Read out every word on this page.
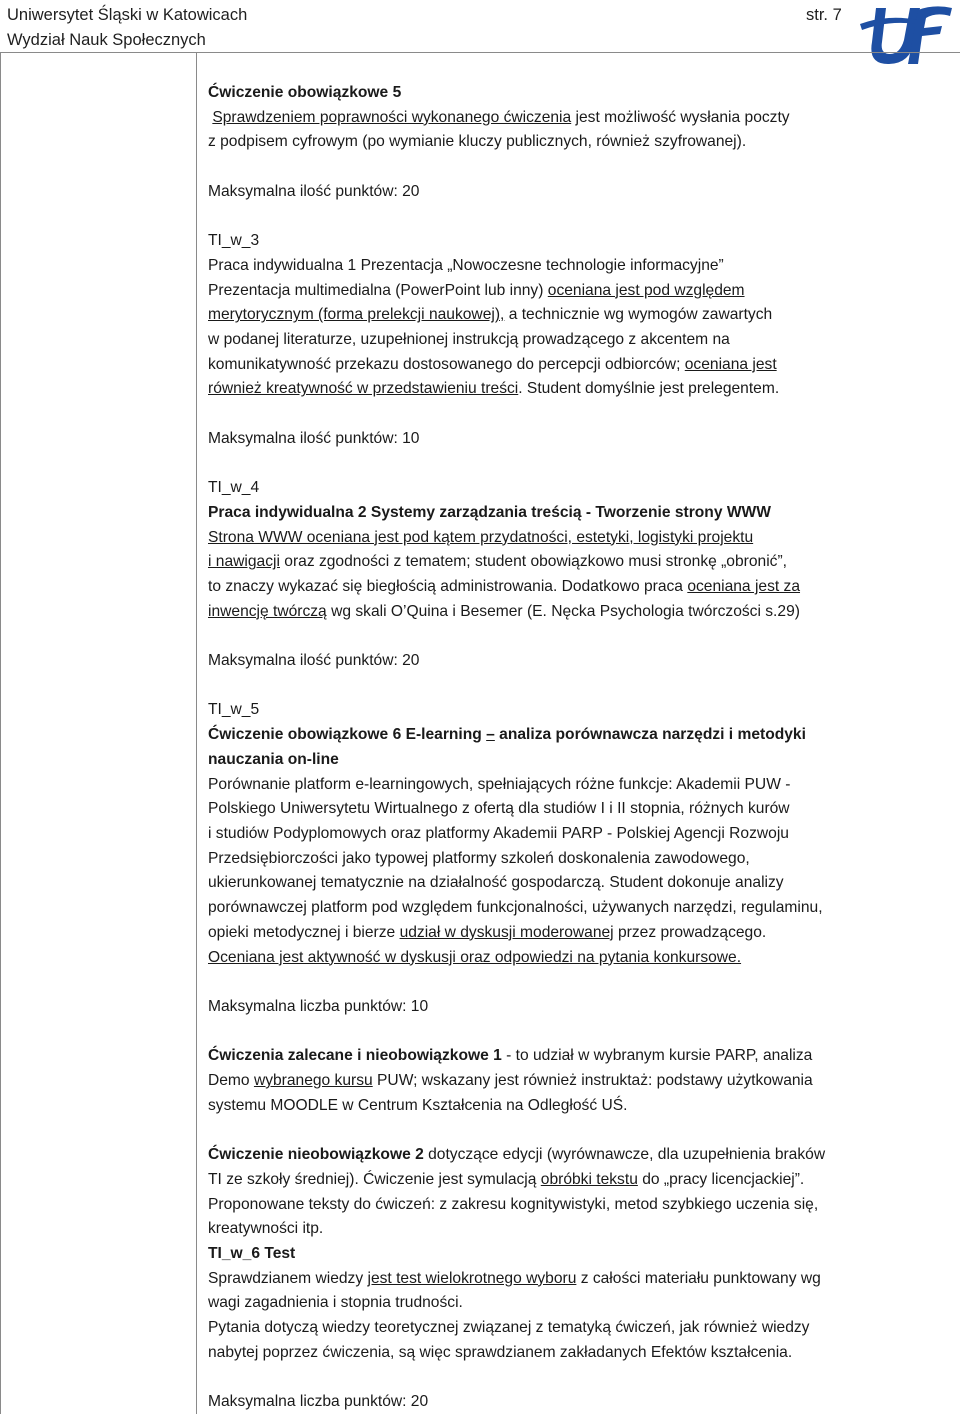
Uniwersytet Śląski w Katowicach
Wydział Nauk Społecznych
str. 7

Ćwiczenie obowiązkowe 5

Sprawdzeniem poprawności wykonanego ćwiczenia jest możliwość wysłania poczty

z podpisem cyfrowym (po wymianie kluczy publicznych, również szyfrowanej).

Maksymalna ilość punktów: 20

TI_w_3

Praca indywidualna 1 Prezentacja „Nowoczesne technologie informacyjne”

Prezentacja multimedialna (PowerPoint lub inny) oceniana jest pod względem

merytorycznym (forma prelekcji naukowej), a technicznie wg wymogów zawartych

w podanej literaturze, uzupełnionej instrukcją prowadzącego z akcentem na

komunikatywność przekazu dostosowanego do percepcji odbiorców; oceniana jest

również kreatywność w przedstawieniu treści. Student domyślnie jest prelegentem.

Maksymalna ilość punktów: 10

TI_w_4

Praca indywidualna 2 Systemy zarządzania treścią - Tworzenie strony WWW

Strona WWW oceniana jest pod kątem przydatności, estetyki, logistyki projektu

i nawigacji oraz zgodności z tematem; student obowiązkowo musi stronkę „obronić”,

to znaczy wykazać się biegłością administrowania. Dodatkowo praca oceniana jest za

inwencję twórczą wg skali O’Quina i Besemer (E. Nęcka Psychologia twórczości s.29)

Maksymalna ilość punktów: 20

TI_w_5

Ćwiczenie obowiązkowe 6 E-learning – analiza porównawcza narzędzi i metodyki

nauczania on-line

Porównanie platform e-learningowych, spełniających różne funkcje: Akademii PUW -

Polskiego Uniwersytetu Wirtualnego z ofertą dla studiów I i II stopnia, różnych kurów

i studiów Podyplomowych oraz platformy Akademii PARP - Polskiej Agencji Rozwoju

Przedsiębiorczości jako typowej platformy szkoleń doskonalenia zawodowego,

ukierunkowanej tematycznie na działalność gospodarczą. Student dokonuje analizy

porównawczej platform pod względem funkcjonalności, używanych narzędzi, regulaminu,

opieki metodycznej i bierze udział w dyskusji moderowanej przez prowadzącego.

Oceniana jest aktywność w dyskusji oraz odpowiedzi na pytania konkursowe.

Maksymalna liczba punktów: 10

Ćwiczenia zalecane i nieobowiązkowe 1 - to udział w wybranym kursie PARP, analiza

Demo wybranego kursu PUW; wskazany jest również instruktaż: podstawy użytkowania

systemu MOODLE w Centrum Kształcenia na Odległość UŚ.

Ćwiczenie nieobowiązkowe 2 dotyczące edycji (wyrównawcze, dla uzupełnienia braków

TI ze szkoły średniej). Ćwiczenie jest symulacją obróbki tekstu do „pracy licencjackiej”.

Proponowane teksty do ćwiczeń: z zakresu kognitywistyki, metod szybkiego uczenia się,

kreatywności itp.

TI_w_6 Test

Sprawdzianem wiedzy jest test wielokrotnego wyboru z całości materiału punktowany wg

wagi zagadnienia i stopnia trudności.

Pytania dotyczą wiedzy teoretycznej związanej z tematyką ćwiczeń, jak również wiedzy

nabytej poprzez ćwiczenia, są więc sprawdzianem zakładanych Efektów kształcenia.

Maksymalna liczba punktów: 20
